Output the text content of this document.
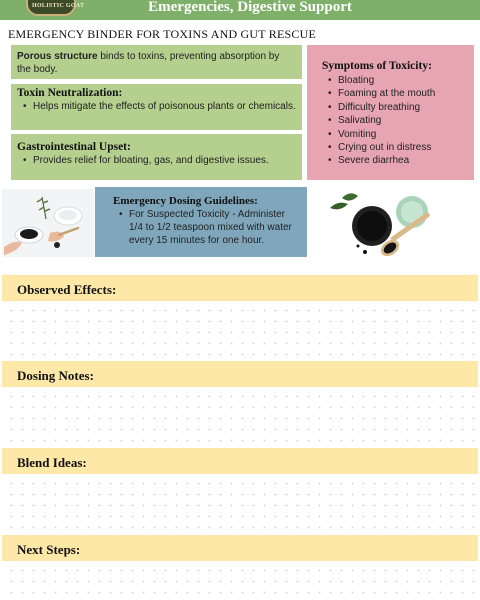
HOLISTIC GOAT	Emergencies, Digestive Support
EMERGENCY BINDER FOR TOXINS AND GUT RESCUE
Porous structure binds to toxins, preventing absorption by the body.
Toxin Neutralization:
• Helps mitigate the effects of poisonous plants or chemicals.
Gastrointestinal Upset:
• Provides relief for bloating, gas, and digestive issues.
Symptoms of Toxicity:
• Bloating
• Foaming at the mouth
• Difficulty breathing
• Salivating
• Vomiting
• Crying out in distress
• Severe diarrhea
Emergency Dosing Guidelines:
• For Suspected Toxicity - Administer 1/4 to 1/2 teaspoon mixed with water every 15 minutes for one hour.
Observed Effects:
Dosing Notes:
Blend Ideas:
Next Steps:
